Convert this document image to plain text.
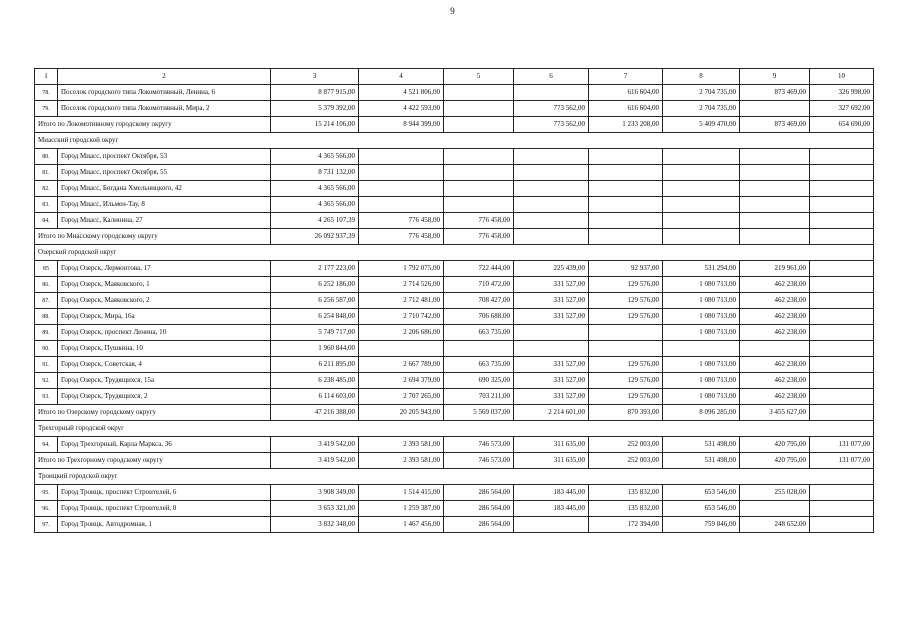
9
1	2	3	4	5	6	7	8	9	10
78.	Поселок городского типа Локомотивный, Ленина, 6	8 877 915,00	4 521 806,00			616 604,00	2 704 735,00	873 469,00	326 998,00
79.	Поселок городского типа Локомотивный, Мира, 2	5 379 392,00	4 422 593,00		773 562,00	616 604,00	2 704 735,00		327 692,00
Итого по Локомотивному городскому округу		15 214 106,00	8 944 399,00		773 562,00	1 233 208,00	5 409 470,00	873 469,00	654 690,00
Миасский городской округ									
80.	Город Миасс, проспект Октября, 53	4 365 566,00							
81.	Город Миасс, проспект Октября, 55	8 731 132,00							
82.	Город Миасс, Богдана Хмельницкого, 42	4 365 566,00							
83.	Город Миасс, Ильмен-Тау, 8	4 365 566,00							
84.	Город Миасс, Калинина, 27	4 265 107,39	776 458,00	776 458,00					
Итого по Миасскому городскому округу		26 092 937,39	776 458,00	776 458,00					
Озерский городской округ									
85	Город Озерск, Лермонтова, 17	2 177 223,00	1 792 075,00	722 444,00	225 439,00	92 937,00	531 294,00	219 961,00	
86.	Город Озерск, Маяковского, 1	6 252 186,00	2 714 526,00	710 472,00	331 527,00	129 576,00	1 080 713,00	462 238,00	
87.	Город Озерск, Маяковского, 2	6 256 587,00	2 712 481,00	708 427,00	331 527,00	129 576,00	1 080 713,00	462 238,00	
88.	Город Озерск, Мира, 16а	6 254 848,00	2 710 742,00	706 688,00	331 527,00	129 576,00	1 080 713,00	462 238,00	
89.	Город Озерск, проспект Ленина, 10	5 749 717,00	2 206 686,00	663 735,00			1 080 713,00	462 238,00	
90.	Город Озерск, Пушкина, 10	1 960 844,00							
91.	Город Озерск, Советская, 4	6 211 895,00	2 667 789,00	663 735,00	331 527,00	129 576,00	1 080 713,00	462 238,00	
92.	Город Озерск, Трудящихся, 15а	6 238 485,00	2 694 379,00	690 325,00	331 527,00	129 576,00	1 080 713,00	462 238,00	
93.	Город Озерск, Трудящихся, 2	6 114 603,00	2 707 265,00	703 211,00	331 527,00	129 576,00	1 080 713,00	462 238,00	
Итого по Озерскому городскому округу		47 216 388,00	20 205 943,00	5 569 037,00	2 214 601,00	870 393,00	8 096 285,00	3 455 627,00	
Трехгорный городской округ									
94.	Город Трехгорный, Карла Маркса, 36	3 419 542,00	2 393 581,00	746 573,00	311 635,00	252 003,00	531 498,00	420 795,00	131 077,00
Итого по Трехгорному городскому округу		3 419 542,00	2 393 581,00	746 573,00	311 635,00	252 003,00	531 498,00	420 795,00	131 077,00
Троицкий городской округ									
95.	Город Троицк, проспект Строителей, 6	3 908 349,00	1 514 415,00	286 564,00	183 445,00	135 832,00	653 546,00	255 028,00	
96.	Город Троицк, проспект Строителей, 8	3 653 321,00	1 259 387,00	286 564,00	183 445,00	135 832,00	653 546,00		
97.	Город Троицк, Автодромная, 1	3 832 348,00	1 467 456,00	286 564,00		172 394,00	759 846,00	248 652,00	
